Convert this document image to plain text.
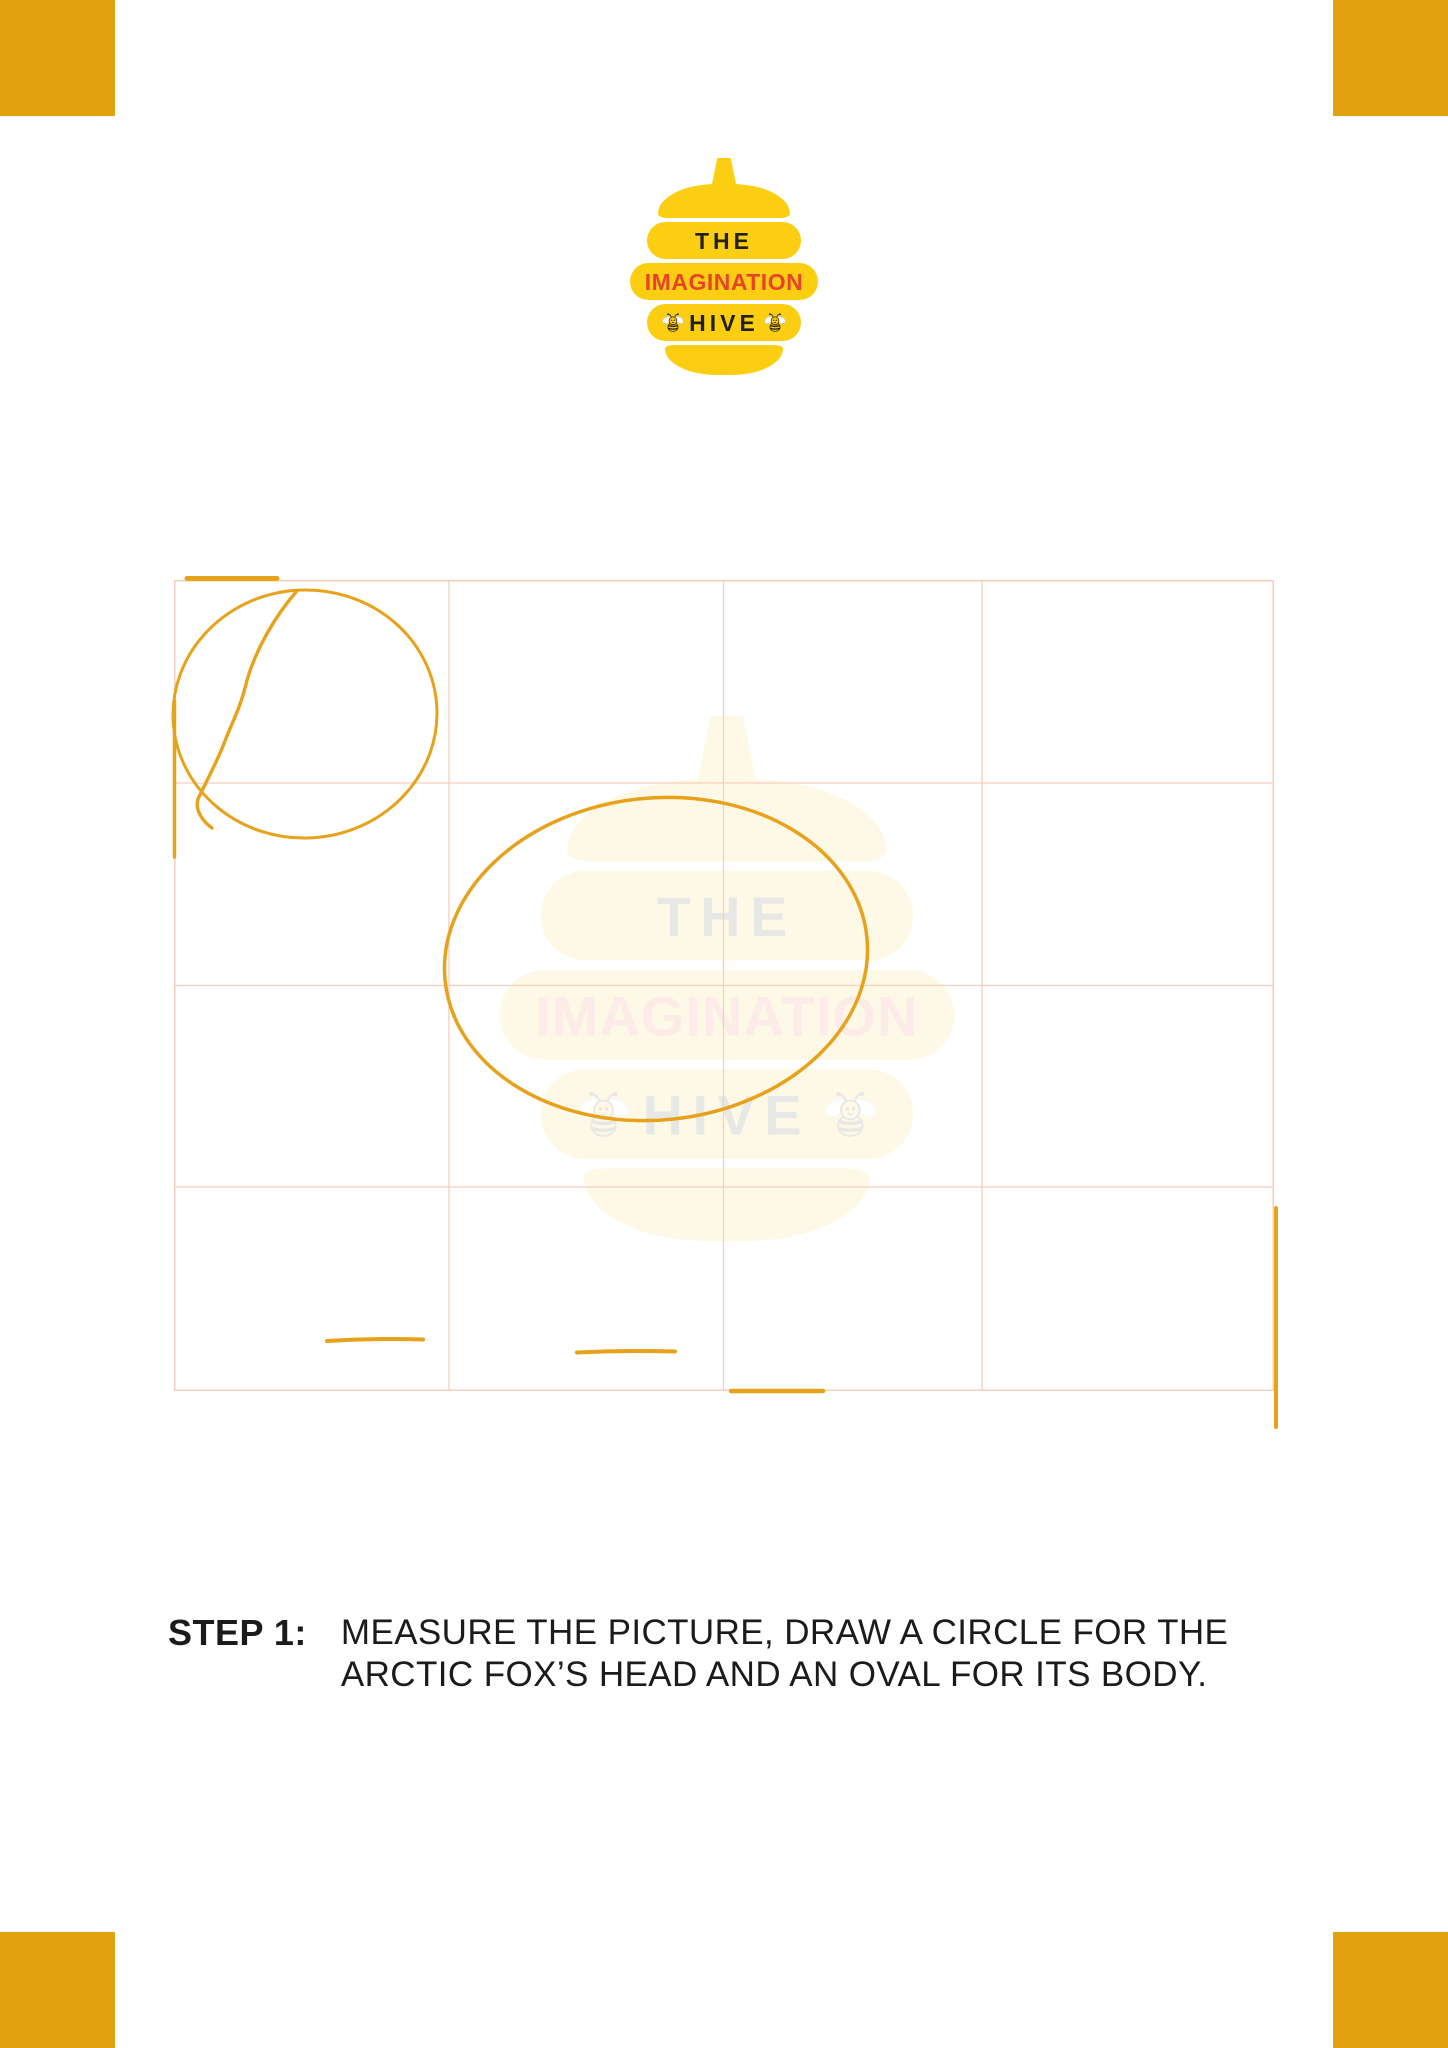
THE
IMAGINATION
HIVE
THE
IMAGINATION
HIVE
STEP 1: MEASURE THE PICTURE, DRAW A CIRCLE FOR THE
ARCTIC FOX’S HEAD AND AN OVAL FOR ITS BODY.
